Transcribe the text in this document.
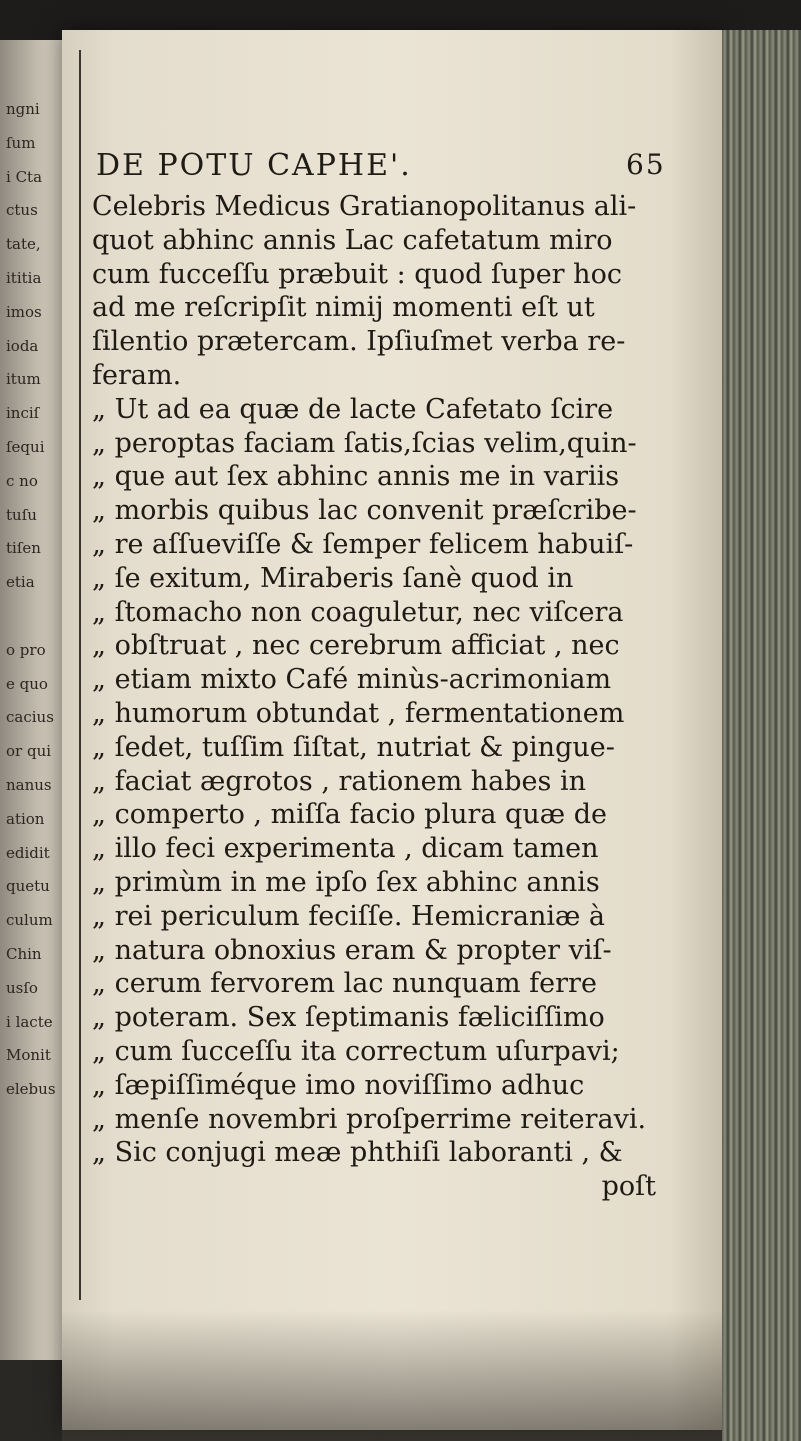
ngni
ſum
i Cta
ctus
tate,
ititia
imos
ioda
itum
inciſ
ſequi
c no
tuſu
tiſen
etia
o pro
e quo
cacius
or qui
nanus
ation
edidit
quetu
culum
Chin
usſo
i lacte
Monit
elebus
DE POTU CAPHE'.	65
Celebris Medicus Gratianopolitanus ali-
quot abhinc annis Lac cafetatum miro
cum fucceſſu præbuit : quod ſuper hoc
ad me reſcripſit nimij momenti eſt ut
ſilentio prætercam. Ipſiuſmet verba re-
feram.
„ Ut ad ea quæ de lacte Cafetato ſcire
„ peroptas faciam ſatis,ſcias velim,quin-
„ que aut ſex abhinc annis me in variis
„ morbis quibus lac convenit præſcribe-
„ re aſſueviſſe & ſemper felicem habuiſ-
„ ſe exitum, Miraberis ſanè quod in
„ ſtomacho non coaguletur, nec viſcera
„ obſtruat , nec cerebrum afficiat , nec
„ etiam mixto Café minùs-acrimoniam
„ humorum obtundat , fermentationem
„ ſedet, tuſſim ſiſtat, nutriat & pingue-
„ faciat ægrotos , rationem habes in
„ comperto , miſſa facio plura quæ de
„ illo feci experimenta , dicam tamen
„ primùm in me ipſo ſex abhinc annis
„ rei periculum feciſſe. Hemicraniæ à
„ natura obnoxius eram & propter viſ-
„ cerum fervorem lac nunquam ferre
„ poteram. Sex ſeptimanis fæliciſſimo
„ cum ſucceſſu ita correctum uſurpavi;
„ ſæpiſſiméque imo noviſſimo adhuc
„ menſe novembri proſperrime reiteravi.
„ Sic conjugi meæ phthiſi laboranti , &
poſt
